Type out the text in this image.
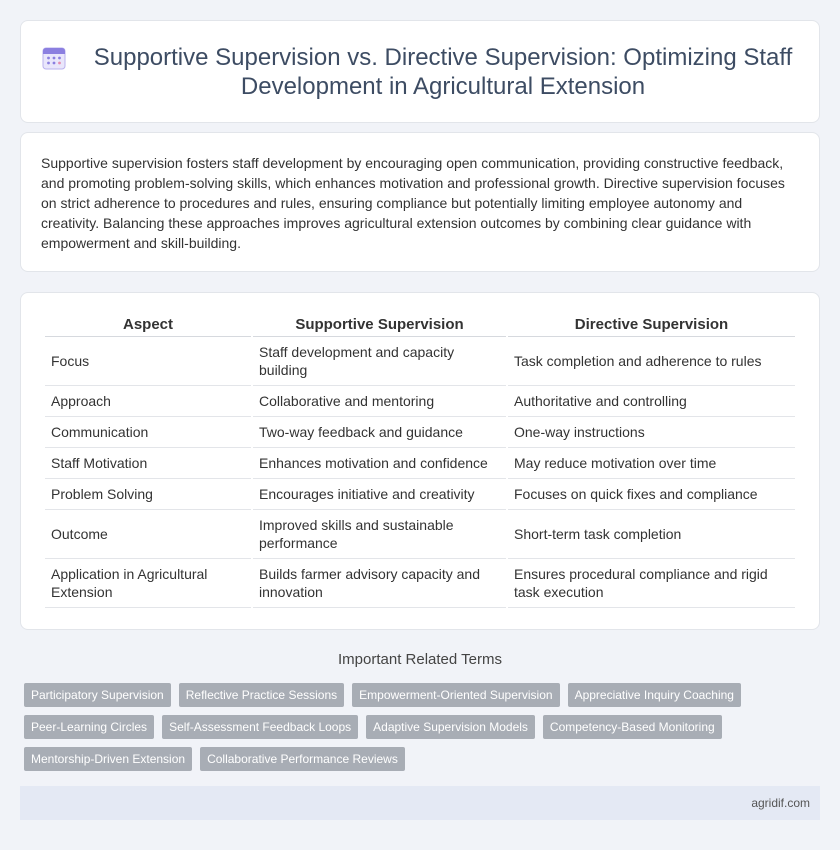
Supportive Supervision vs. Directive Supervision: Optimizing Staff Development in Agricultural Extension

Supportive supervision fosters staff development by encouraging open communication, providing constructive feedback, and promoting problem-solving skills, which enhances motivation and professional growth. Directive supervision focuses on strict adherence to procedures and rules, ensuring compliance but potentially limiting employee autonomy and creativity. Balancing these approaches improves agricultural extension outcomes by combining clear guidance with empowerment and skill-building.

Aspect	Supportive Supervision	Directive Supervision
Focus	Staff development and capacity building	Task completion and adherence to rules
Approach	Collaborative and mentoring	Authoritative and controlling
Communication	Two-way feedback and guidance	One-way instructions
Staff Motivation	Enhances motivation and confidence	May reduce motivation over time
Problem Solving	Encourages initiative and creativity	Focuses on quick fixes and compliance
Outcome	Improved skills and sustainable performance	Short-term task completion
Application in Agricultural Extension	Builds farmer advisory capacity and innovation	Ensures procedural compliance and rigid task execution
Important Related Terms
Participatory Supervision	Reflective Practice Sessions	Empowerment-Oriented Supervision	Appreciative Inquiry Coaching
Peer-Learning Circles	Self-Assessment Feedback Loops	Adaptive Supervision Models	Competency-Based Monitoring
Mentorship-Driven Extension	Collaborative Performance Reviews
agridif.com
